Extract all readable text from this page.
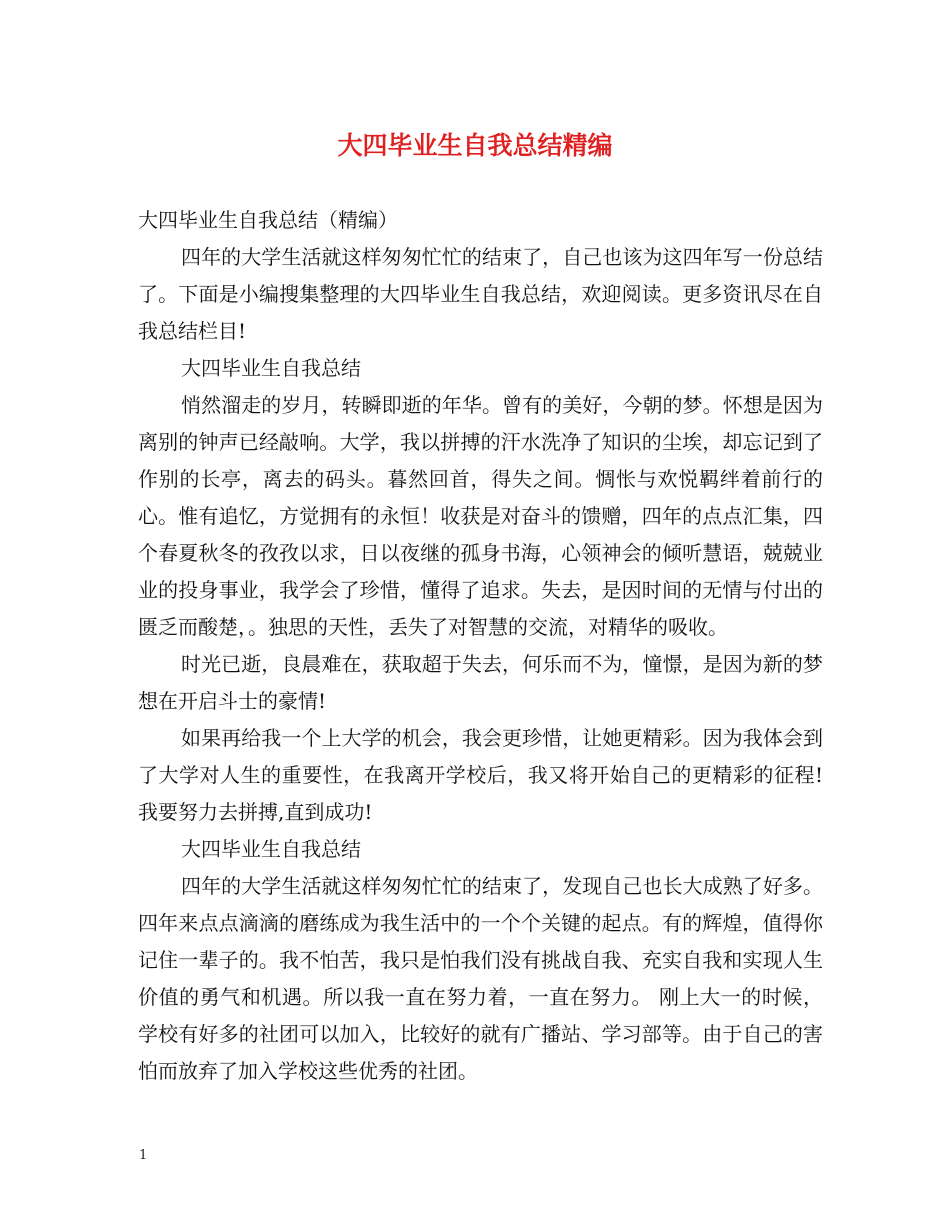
大四毕业生自我总结精编

大四毕业生自我总结（精编）

四年的大学生活就这样匆匆忙忙的结束了，自己也该为这四年写一份总结了。下面是小编搜集整理的大四毕业生自我总结，欢迎阅读。更多资讯尽在自我总结栏目!

大四毕业生自我总结

悄然溜走的岁月，转瞬即逝的年华。曾有的美好，今朝的梦。怀想是因为离别的钟声已经敲响。大学，我以拼搏的汗水洗净了知识的尘埃，却忘记到了作别的长亭，离去的码头。暮然回首，得失之间。惆怅与欢悦羁绊着前行的心。惟有追忆，方觉拥有的永恒！收获是对奋斗的馈赠，四年的点点汇集，四个春夏秋冬的孜孜以求，日以夜继的孤身书海，心领神会的倾听慧语，兢兢业业的投身事业，我学会了珍惜，懂得了追求。失去，是因时间的无情与付出的匮乏而酸楚，。独思的天性，丢失了对智慧的交流，对精华的吸收。

时光已逝，良晨难在，获取超于失去，何乐而不为，憧憬，是因为新的梦想在开启斗士的豪情!

如果再给我一个上大学的机会，我会更珍惜，让她更精彩。因为我体会到了大学对人生的重要性，在我离开学校后，我又将开始自己的更精彩的征程!我要努力去拼搏,直到成功!

大四毕业生自我总结

四年的大学生活就这样匆匆忙忙的结束了，发现自己也长大成熟了好多。四年来点点滴滴的磨练成为我生活中的一个个关键的起点。有的辉煌，值得你记住一辈子的。我不怕苦，我只是怕我们没有挑战自我、充实自我和实现人生价值的勇气和机遇。所以我一直在努力着，一直在努力。 刚上大一的时候，学校有好多的社团可以加入，比较好的就有广播站、学习部等。由于自己的害怕而放弃了加入学校这些优秀的社团。

1
